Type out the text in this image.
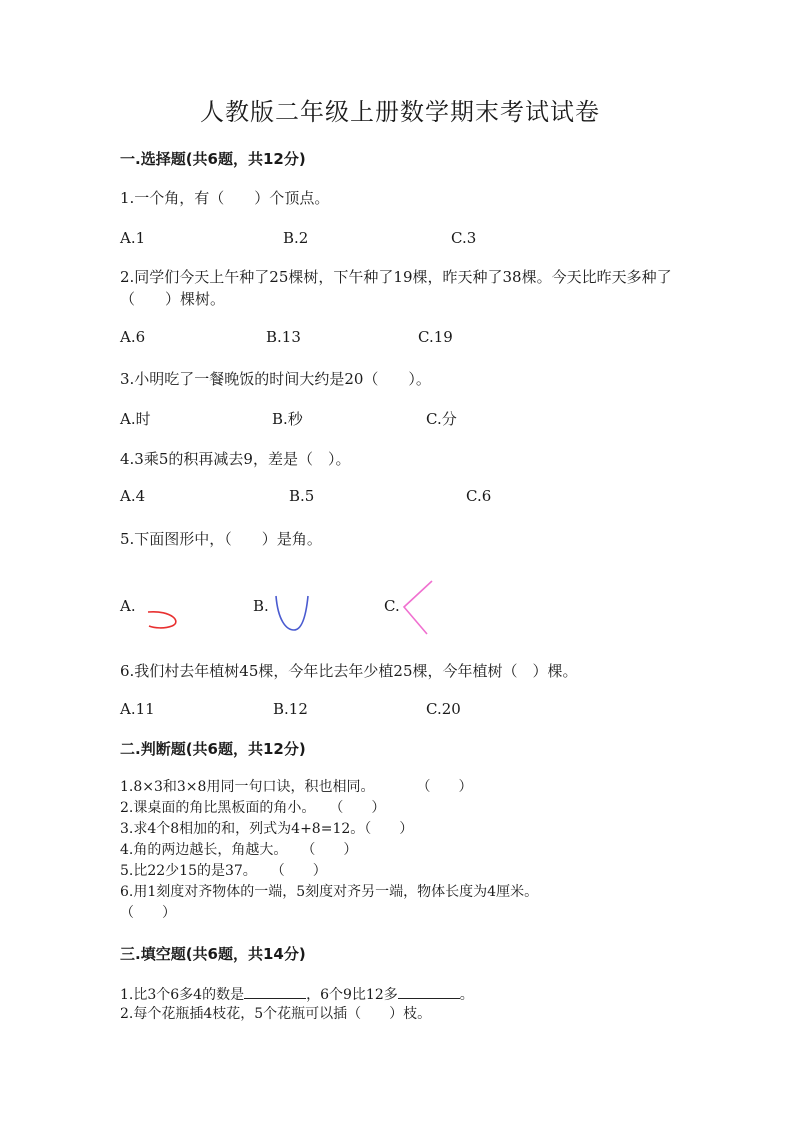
人教版二年级上册数学期末考试试卷
一.选择题(共6题，共12分)
1.一个角，有（　　）个顶点。
A.1	B.2	C.3
2.同学们今天上午种了25棵树，下午种了19棵，昨天种了38棵。今天比昨天多种了（　　）棵树。
A.6	B.13	C.19
3.小明吃了一餐晚饭的时间大约是20（　　）。
A.时	B.秒	C.分
4.3乘5的积再减去9，差是（　）。
A.4	B.5	C.6
5.下面图形中，（　　）是角。
A.	B.	C.
6.我们村去年植树45棵，今年比去年少植25棵，今年植树（　）棵。
A.11	B.12	C.20
二.判断题(共6题，共12分)
1.8×3和3×8用同一句口诀，积也相同。　　　　（　　）
2.课桌面的角比黑板面的角小。　　（　　）
3.求4个8相加的和，列式为4+8=12。（　　）
4.角的两边越长，角越大。　　（　　）
5.比22少15的是37。　　（　　）
6.用1刻度对齐物体的一端，5刻度对齐另一端，物体长度为4厘米。
（　　）
三.填空题(共6题，共14分)
1.比3个6多4的数是	，6个9比12多	。
2.每个花瓶插4枝花，5个花瓶可以插（　　）枝。
